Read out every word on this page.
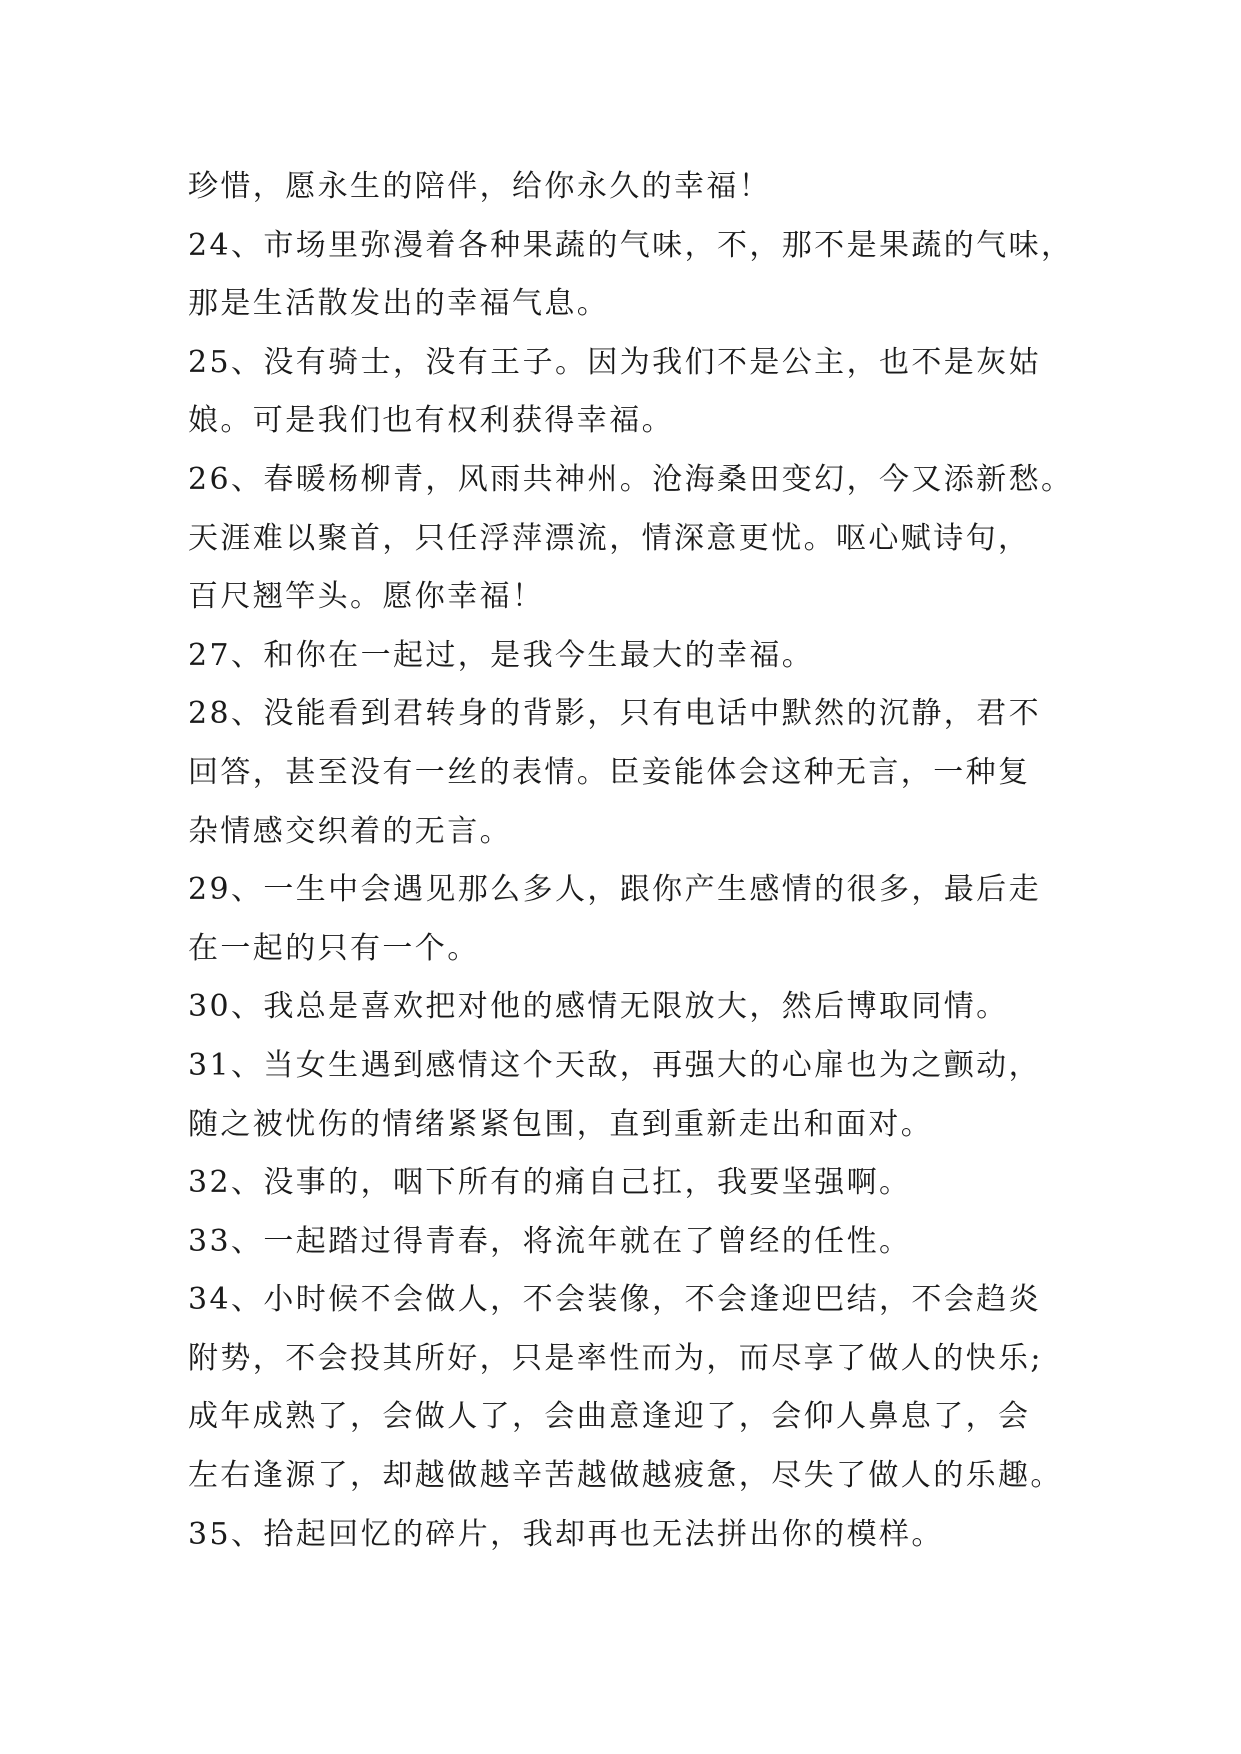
珍惜，愿永生的陪伴，给你永久的幸福！
24、市场里弥漫着各种果蔬的气味，不，那不是果蔬的气味，
那是生活散发出的幸福气息。
25、没有骑士，没有王子。因为我们不是公主，也不是灰姑
娘。可是我们也有权利获得幸福。
26、春暖杨柳青，风雨共神州。沧海桑田变幻，今又添新愁。
天涯难以聚首，只任浮萍漂流，情深意更忧。呕心赋诗句，
百尺翘竿头。愿你幸福！
27、和你在一起过，是我今生最大的幸福。
28、没能看到君转身的背影，只有电话中默然的沉静，君不
回答，甚至没有一丝的表情。臣妾能体会这种无言，一种复
杂情感交织着的无言。
29、一生中会遇见那么多人，跟你产生感情的很多，最后走
在一起的只有一个。
30、我总是喜欢把对他的感情无限放大，然后博取同情。
31、当女生遇到感情这个天敌，再强大的心扉也为之颤动，
随之被忧伤的情绪紧紧包围，直到重新走出和面对。
32、没事的，咽下所有的痛自己扛，我要坚强啊。
33、一起踏过得青春，将流年就在了曾经的任性。
34、小时候不会做人，不会装像，不会逢迎巴结，不会趋炎
附势，不会投其所好，只是率性而为，而尽享了做人的快乐;
成年成熟了，会做人了，会曲意逢迎了，会仰人鼻息了，会
左右逢源了，却越做越辛苦越做越疲惫，尽失了做人的乐趣。
35、拾起回忆的碎片，我却再也无法拼出你的模样。
